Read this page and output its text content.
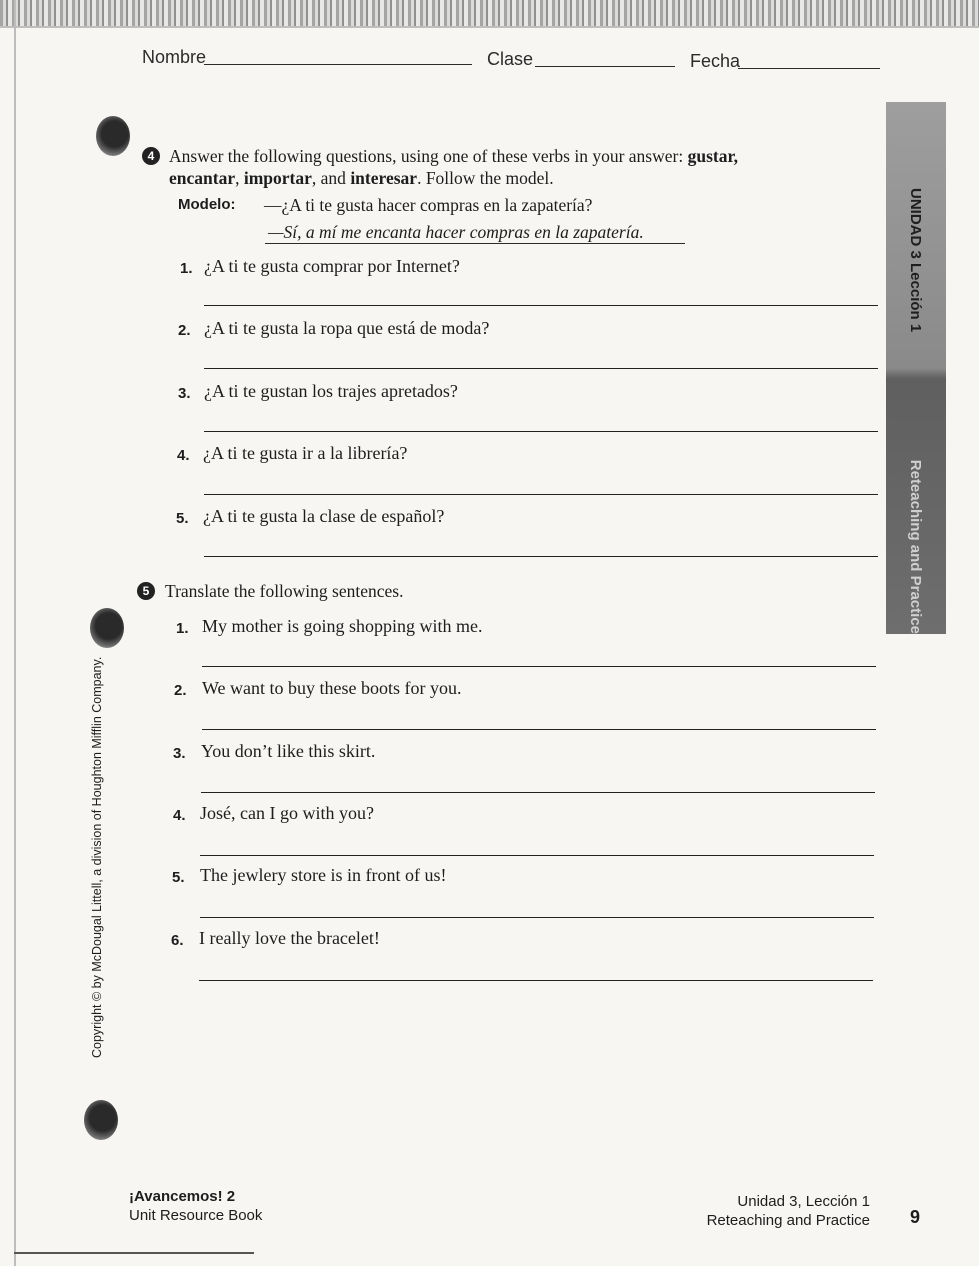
Nombre	Clase	Fecha
UNIDAD 3 Lección 1
Reteaching and Practice
4 Answer the following questions, using one of these verbs in your answer: gustar,
encantar, importar, and interesar. Follow the model.
Modelo: —¿A ti te gusta hacer compras en la zapatería?
—Sí, a mí me encanta hacer compras en la zapatería.
1. ¿A ti te gusta comprar por Internet?
2. ¿A ti te gusta la ropa que está de moda?
3. ¿A ti te gustan los trajes apretados?
4. ¿A ti te gusta ir a la librería?
5. ¿A ti te gusta la clase de español?
5 Translate the following sentences.
1. My mother is going shopping with me.
2. We want to buy these boots for you.
3. You don’t like this skirt.
4. José, can I go with you?
5. The jewlery store is in front of us!
6. I really love the bracelet!
Copyright © by McDougal Littell, a division of Houghton Mifflin Company.
¡Avancemos! 2
Unit Resource Book
Unidad 3, Lección 1
Reteaching and Practice 9
